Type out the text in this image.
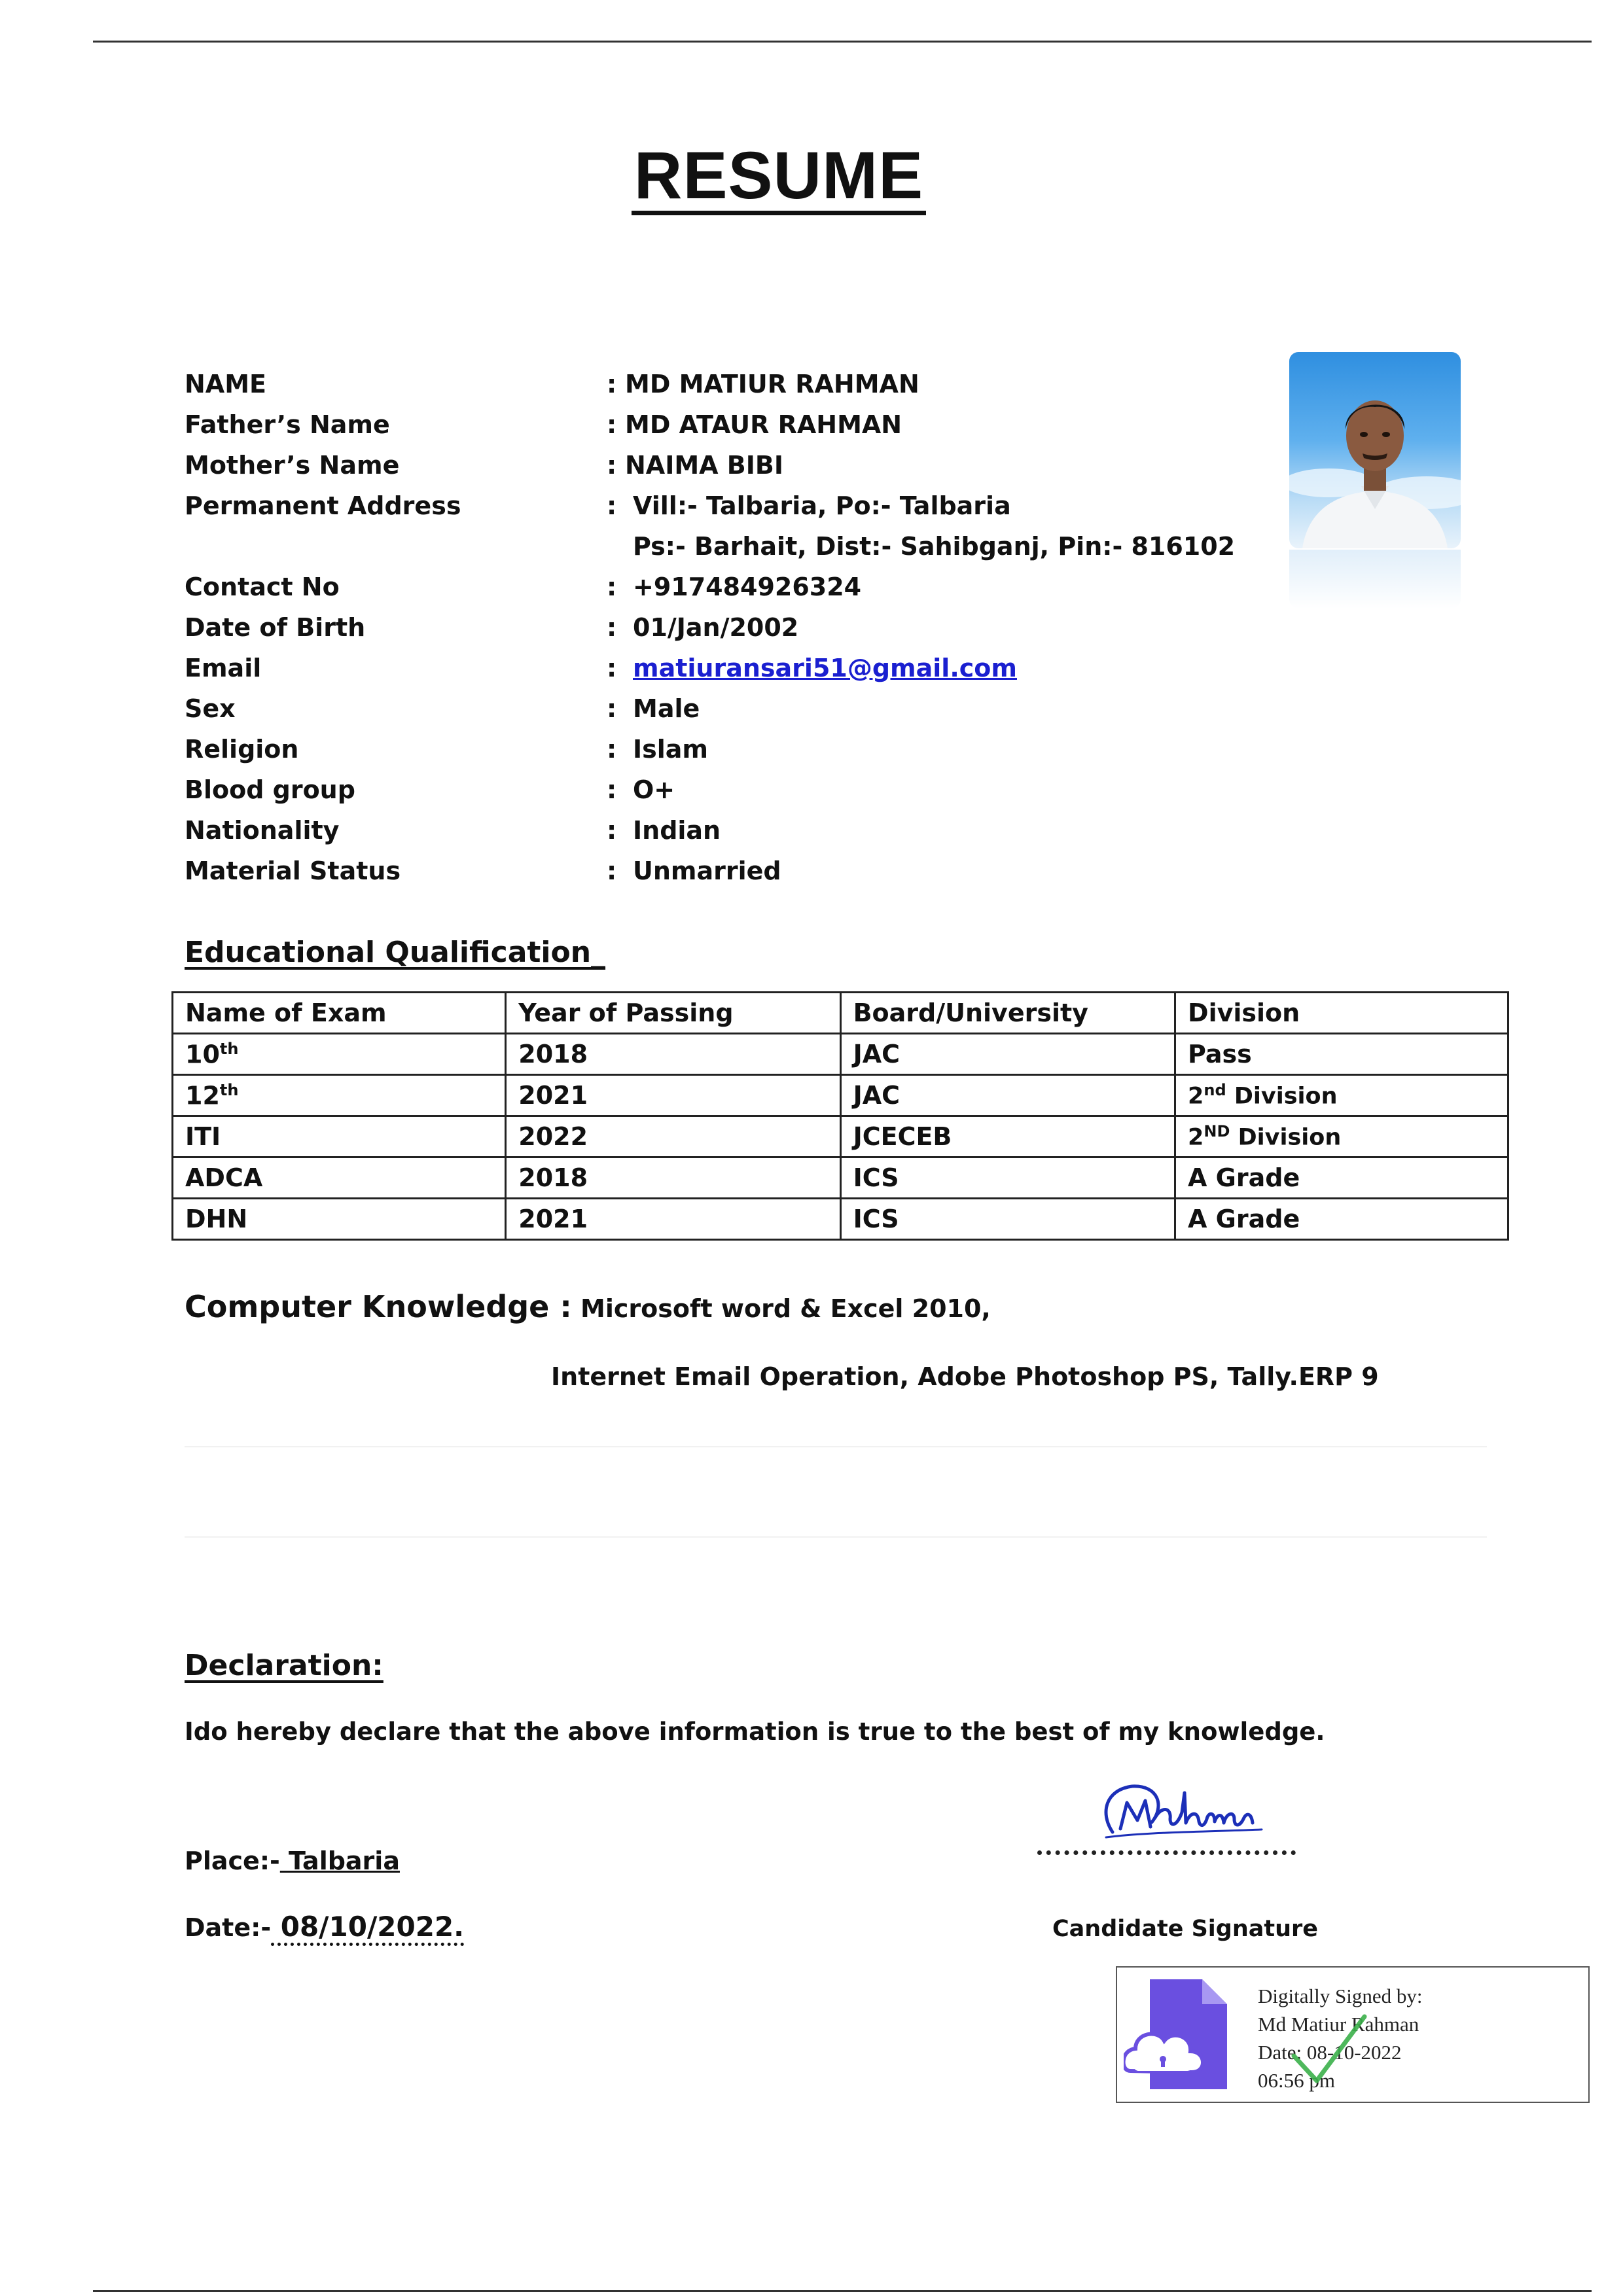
RESUME
NAME	: MD MATIUR RAHMAN
Father’s Name	: MD ATAUR RAHMAN
Mother’s Name	: NAIMA BIBI
Permanent Address	: Vill:- Talbaria, Po:- Talbaria
Ps:- Barhait, Dist:- Sahibganj, Pin:- 816102
Contact No	: +917484926324
Date of Birth	: 01/Jan/2002
Email	: matiuransari51@gmail.com
Sex	: Male
Religion	: Islam
Blood group	: O+
Nationality	: Indian
Material Status	: Unmarried
Educational Qualification_
Name of Exam	Year of Passing	Board/University	Division
10th	2018	JAC	Pass
12th	2021	JAC	2nd Division
ITI	2022	JCECEB	2ND Division
ADCA	2018	ICS	A Grade
DHN	2021	ICS	A Grade
Computer Knowledge : Microsoft word & Excel 2010,
Internet Email Operation, Adobe Photoshop PS, Tally.ERP 9
Declaration:
Ido hereby declare that the above information is true to the best of my knowledge.
Place:- Talbaria
Date:- 08/10/2022.	Candidate Signature
Digitally Signed by:
Md Matiur Rahman
Date: 08-10-2022
06:56 pm
